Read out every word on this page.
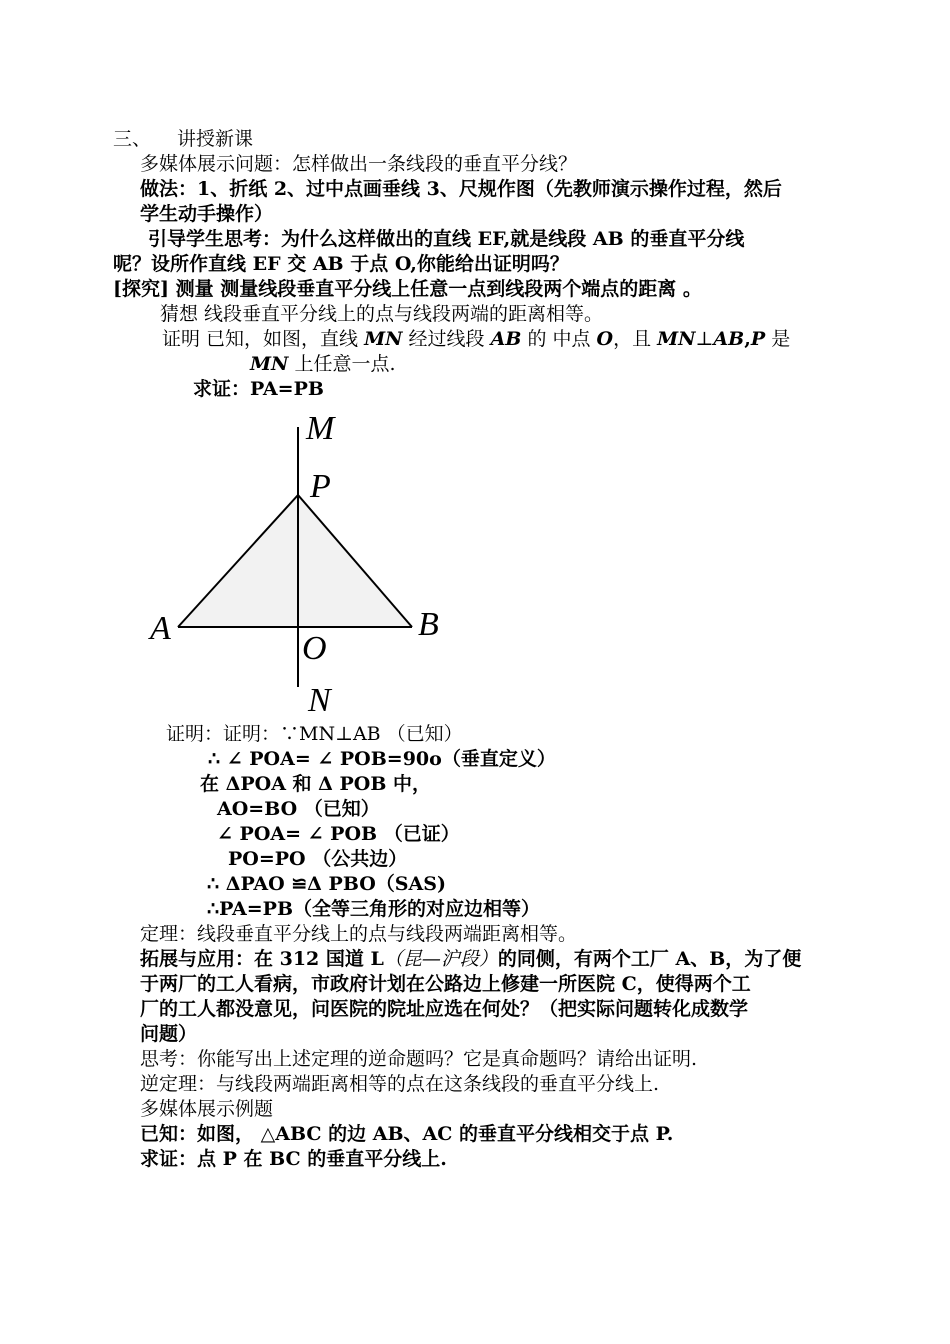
三、 讲授新课
多媒体展示问题：怎样做出一条线段的垂直平分线？
做法：1、折纸 2、过中点画垂线 3、尺规作图（先教师演示操作过程，然后
学生动手操作）
引导学生思考：为什么这样做出的直线 EF,就是线段 AB 的垂直平分线
呢？设所作直线 EF 交 AB 于点 O,你能给出证明吗？
[探究] 测量 测量线段垂直平分线上任意一点到线段两个端点的距离 。
猜想 线段垂直平分线上的点与线段两端的距离相等。
证明 已知，如图，直线 MN 经过线段 AB 的 中点 O，且 MN⊥AB,P 是
MN 上任意一点.
求证：PA=PB
M
P
A	B
O
N
证明：证明：∵MN⊥AB （已知）
∴ ∠ POA= ∠ POB=90o（垂直定义）
在 ΔPOA 和 Δ POB 中，
AO=BO （已知）
∠ POA= ∠ POB （已证）
PO=PO （公共边）
∴ ΔPAO ≌Δ PBO（SAS)
∴PA=PB（全等三角形的对应边相等）
定理：线段垂直平分线上的点与线段两端距离相等。
拓展与应用：在 312 国道 L（昆—沪段）的同侧，有两个工厂 A、B，为了便
于两厂的工人看病，市政府计划在公路边上修建一所医院 C，使得两个工
厂的工人都没意见，问医院的院址应选在何处？（把实际问题转化成数学
问题）
思考：你能写出上述定理的逆命题吗？它是真命题吗？请给出证明.
逆定理：与线段两端距离相等的点在这条线段的垂直平分线上.
多媒体展示例题
已知：如图， △ABC 的边 AB、AC 的垂直平分线相交于点 P.
求证：点 P 在 BC 的垂直平分线上.
